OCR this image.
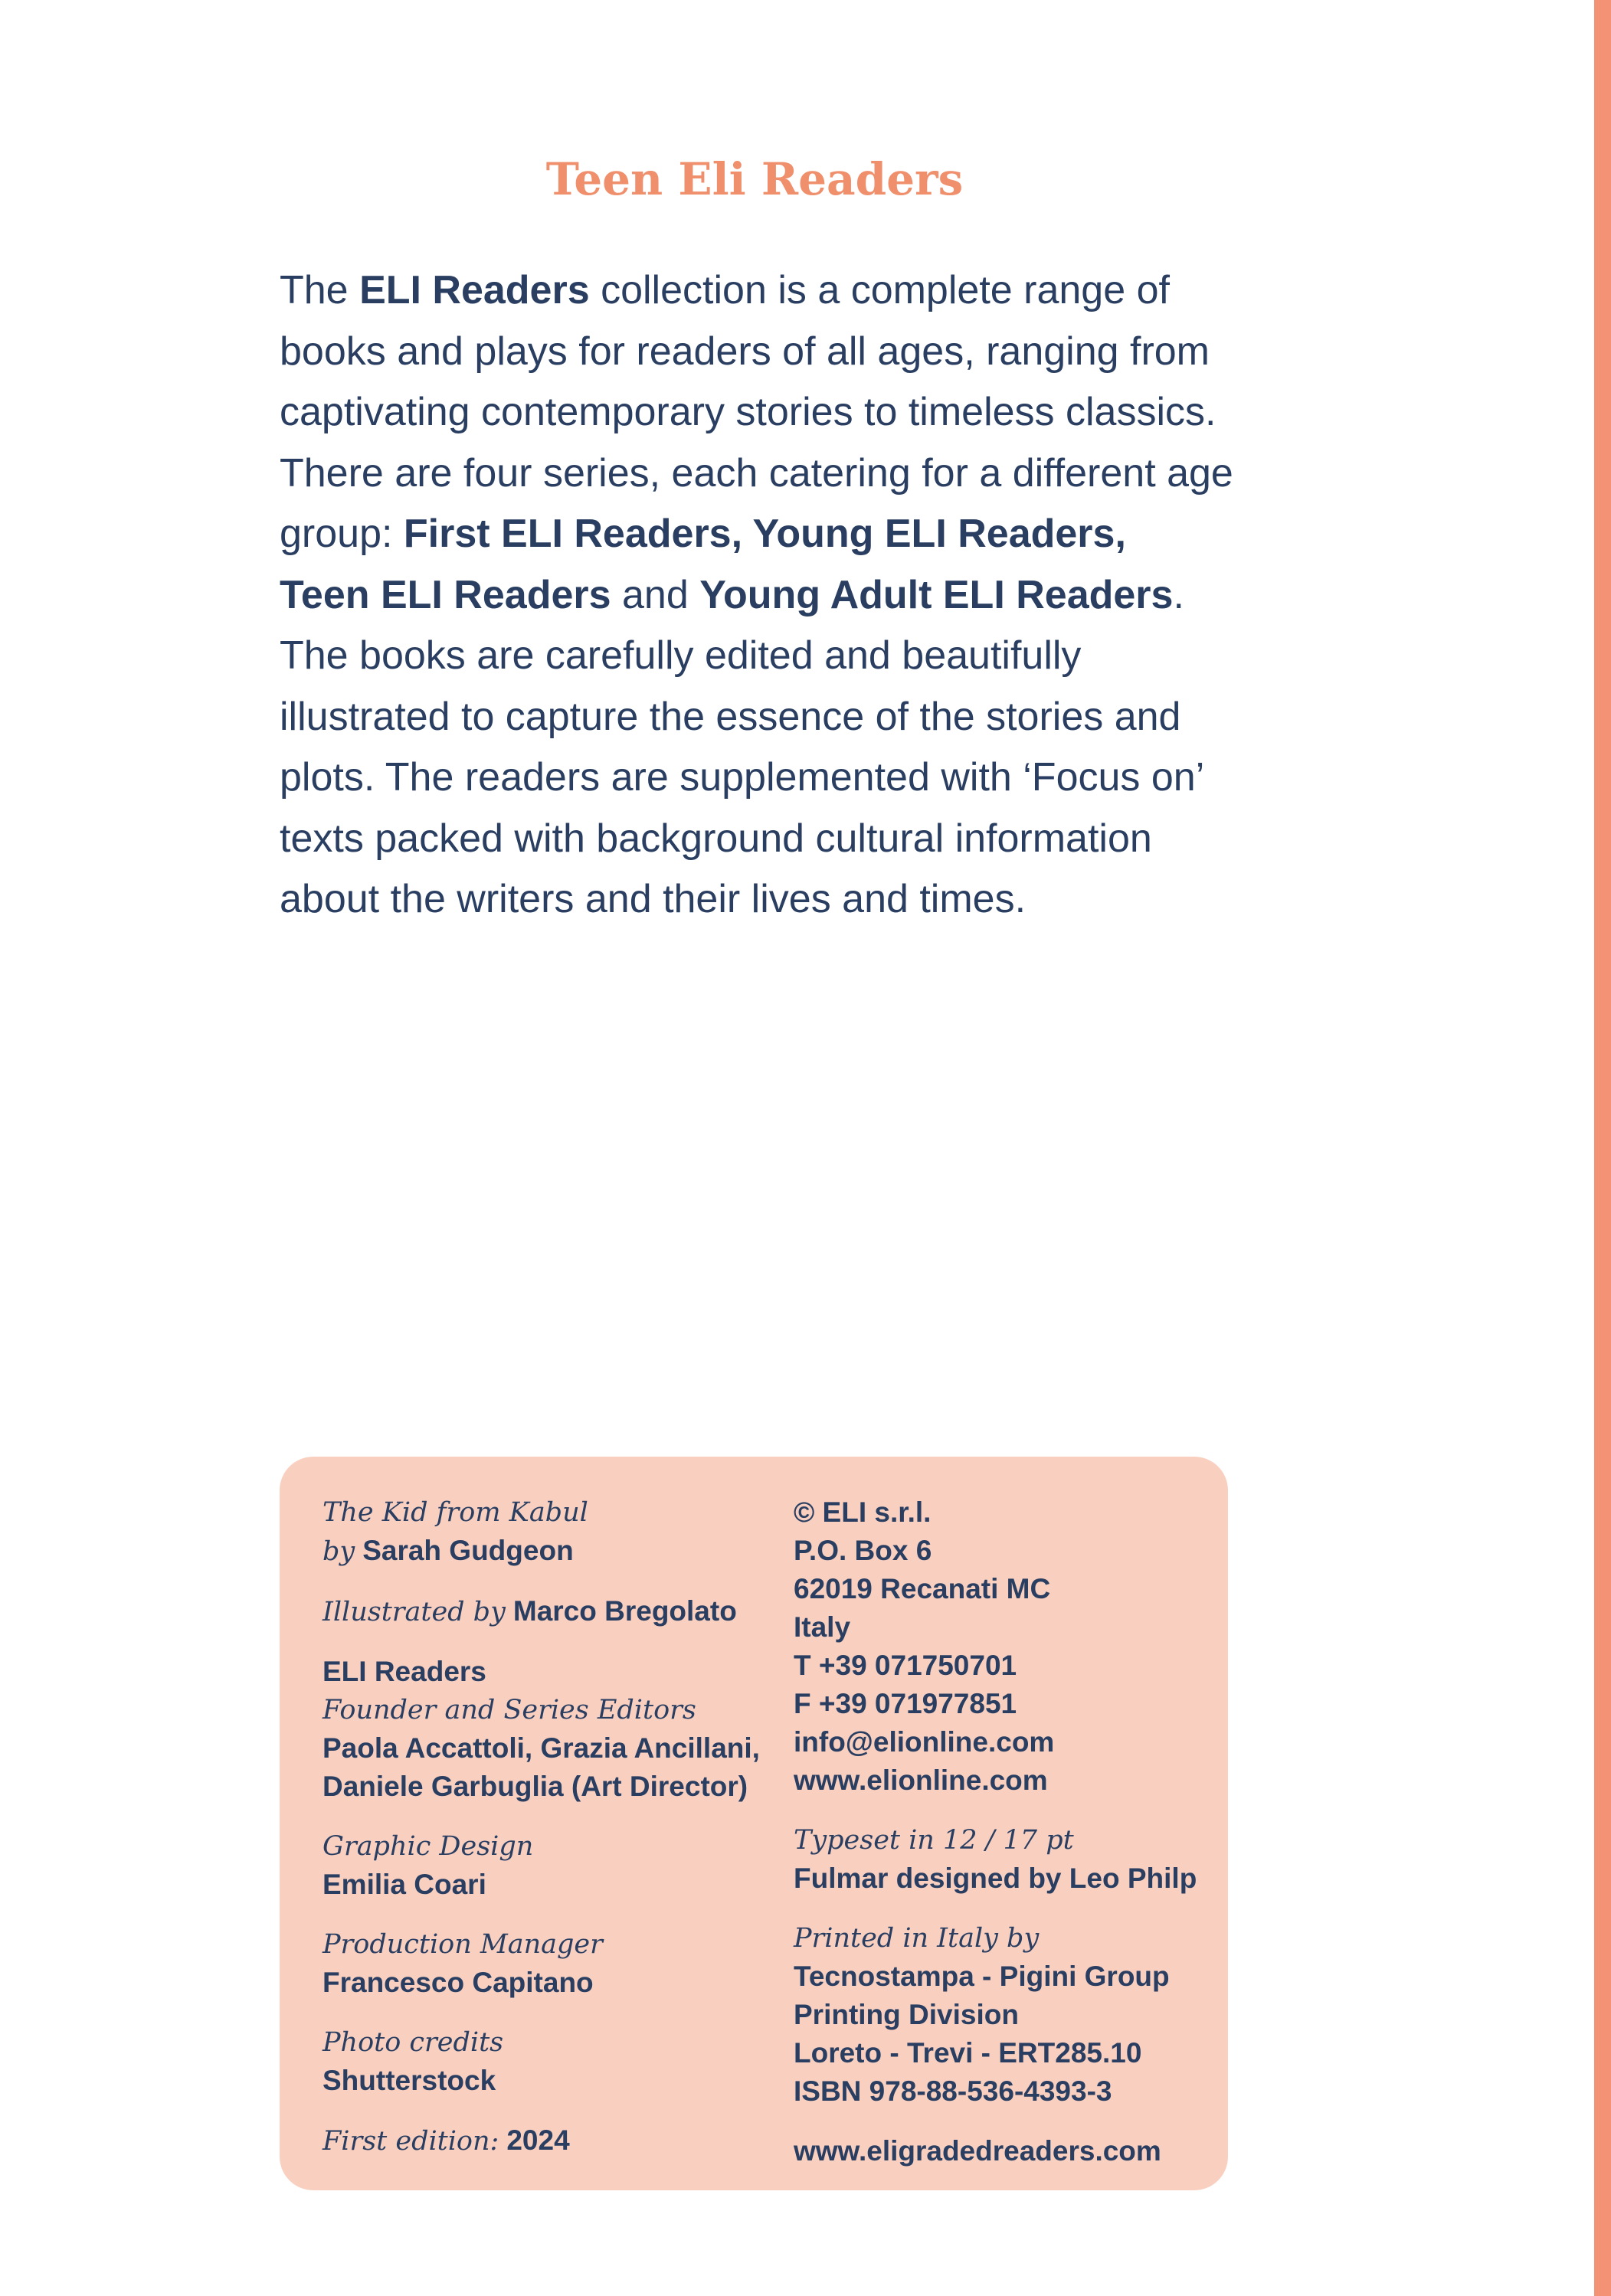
Teen Eli Readers

The ELI Readers collection is a complete range of books and plays for readers of all ages, ranging from captivating contemporary stories to timeless classics. There are four series, each catering for a different age group: First ELI Readers, Young ELI Readers,
Teen ELI Readers and Young Adult ELI Readers. The books are carefully edited and beautifully illustrated to capture the essence of the stories and plots. The readers are supplemented with ‘Focus on’ texts packed with background cultural information about the writers and their lives and times.

The Kid from Kabul
by Sarah Gudgeon
Illustrated by Marco Bregolato
ELI Readers
Founder and Series Editors
Paola Accattoli, Grazia Ancillani,
Daniele Garbuglia (Art Director)
Graphic Design
Emilia Coari
Production Manager
Francesco Capitano
Photo credits
Shutterstock
First edition: 2024
© ELI s.r.l.
P.O. Box 6
62019 Recanati MC
Italy
T +39 071750701
F +39 071977851
info@elionline.com
www.elionline.com
Typeset in 12 / 17 pt
Fulmar designed by Leo Philp
Printed in Italy by
Tecnostampa - Pigini Group
Printing Division
Loreto - Trevi - ERT285.10
ISBN 978-88-536-4393-3
www.eligradedreaders.com
